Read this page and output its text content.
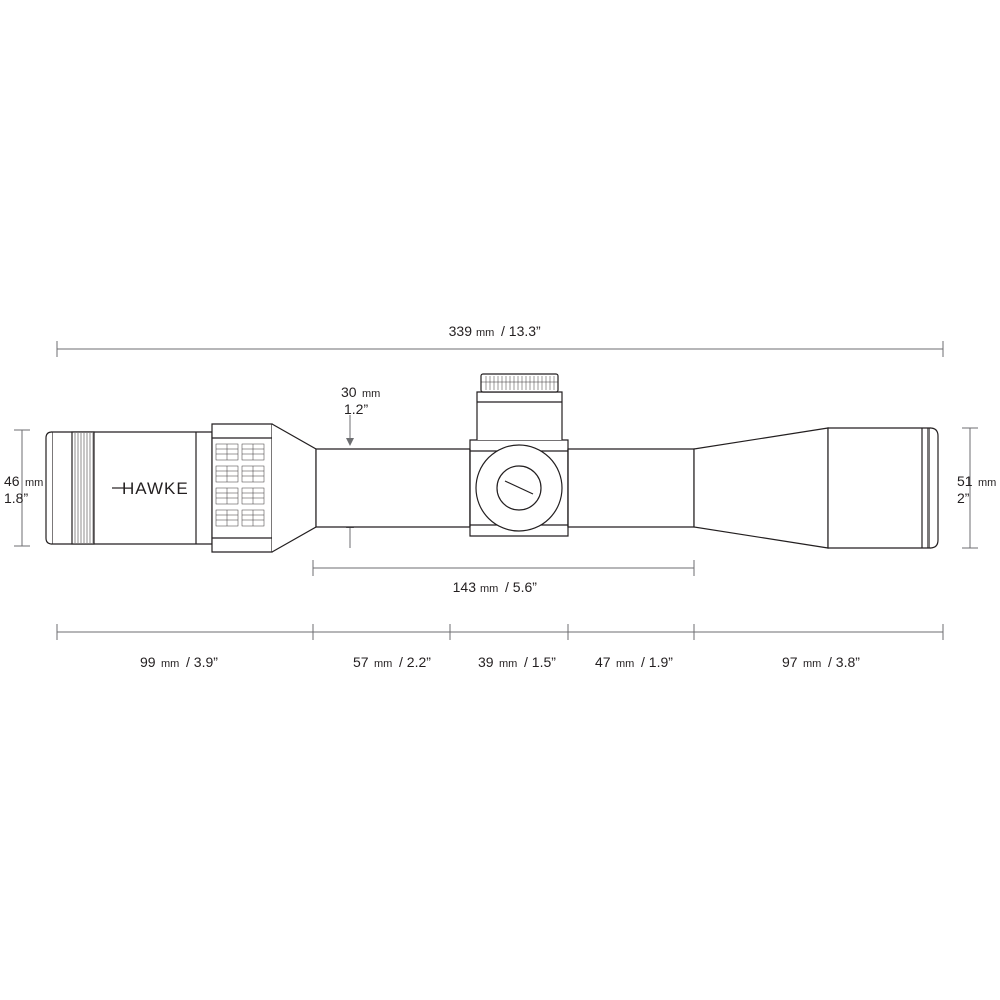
HAWKE
339 mm / 13.3”
30 mm
1.2”
46 mm
1.8”
51 mm
2”
143 mm / 5.6”
99 mm / 3.9”	57 mm / 2.2”	39 mm / 1.5”	47 mm / 1.9”	97 mm / 3.8”
